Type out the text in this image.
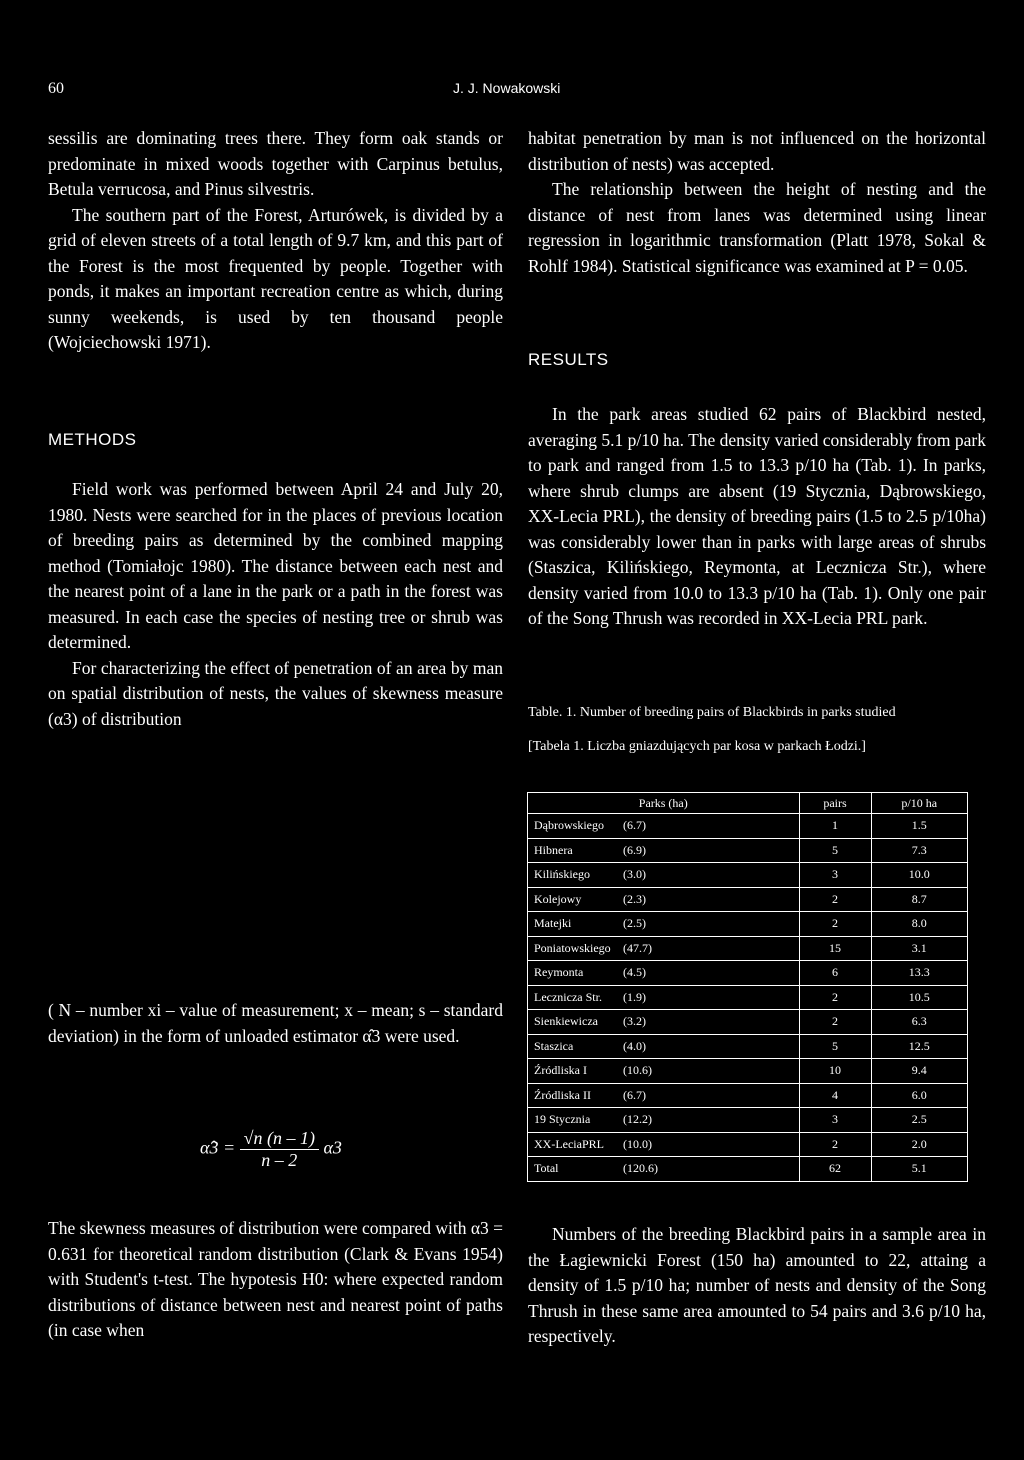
60	J. J. Nowakowski

sessilis are dominating trees there. They form oak stands or predominate in mixed woods together with Carpinus betulus, Betula verrucosa, and Pinus silvestris.

The southern part of the Forest, Arturówek, is divided by a grid of eleven streets of a total length of 9.7 km, and this part of the Forest is the most frequented by people. Together with ponds, it makes an important recreation centre as which, during sunny weekends, is used by ten thousand people (Wojciechowski 1971).

METHODS

Field work was performed between April 24 and July 20, 1980. Nests were searched for in the places of previous location of breeding pairs as determined by the combined mapping method (Tomiałojc 1980). The distance between each nest and the nearest point of a lane in the park or a path in the forest was measured. In each case the species of nesting tree or shrub was determined.

For characterizing the effect of penetration of an area by man on spatial distribution of nests, the values of skewness measure (α3) of distribution

( N – number xi – value of measurement; x – mean; s – standard deviation) in the form of unloaded estimator α̂3 were used.
α̂3 = $\frac{√n (n - 1)}{n - 2} \alpha 3$
The skewness measures of distribution were compared with α3 = 0.631 for theoretical random distribution (Clark & Evans 1954) with Student's t-test. The hypotesis H0: where expected random distributions of distance between nest and nearest point of paths (in case when

habitat penetration by man is not influenced on the horizontal distribution of nests) was accepted.

The relationship between the height of nesting and the distance of nest from lanes was determined using linear regression in logarithmic transformation (Platt 1978, Sokal & Rohlf 1984). Statistical significance was examined at P = 0.05.

RESULTS
In the park areas studied 62 pairs of Blackbird nested, averaging 5.1 p/10 ha. The density varied considerably from park to park and ranged from 1.5 to 13.3 p/10 ha (Tab. 1). In parks, where shrub clumps are absent (19 Stycznia, Dąbrowskiego, XX-Lecia PRL), the density of breeding pairs (1.5 to 2.5 p/10ha) was considerably lower than in parks with large areas of shrubs (Staszica, Kilińskiego, Reymonta, at Lecznicza Str.), where density varied from 10.0 to 13.3 p/10 ha (Tab. 1). Only one pair of the Song Thrush was recorded in XX-Lecia PRL park.
Table. 1. Number of breeding pairs of Blackbirds in parks studied
[Tabela 1. Liczba gniazdujących par kosa w parkach Łodzi.]
Parks (ha)	pairs	p/10 ha
Dąbrowskiego (6.7)	1	1.5
Hibnera (6.9)	5	7.3
Kilińskiego (3.0)	3	10.0
Kolejowy (2.3)	2	8.7
Matejki (2.5)	2	8.0
Poniatowskiego (47.7)	15	3.1
Reymonta (4.5)	6	13.3
Lecznicza Str. (1.9)	2	10.5
Sienkiewicza (3.2)	2	6.3
Staszica (4.0)	5	12.5
Źródliska I (10.6)	10	9.4
Źródliska II (6.7)	4	6.0
19 Stycznia (12.2)	3	2.5
XX-LeciaPRL (10.0)	2	2.0
Total (120.6)	62	5.1
Numbers of the breeding Blackbird pairs in a sample area in the Łagiewnicki Forest (150 ha) amounted to 22, attaing a density of 1.5 p/10 ha; number of nests and density of the Song Thrush in these same area amounted to 54 pairs and 3.6 p/10 ha, respectively.
